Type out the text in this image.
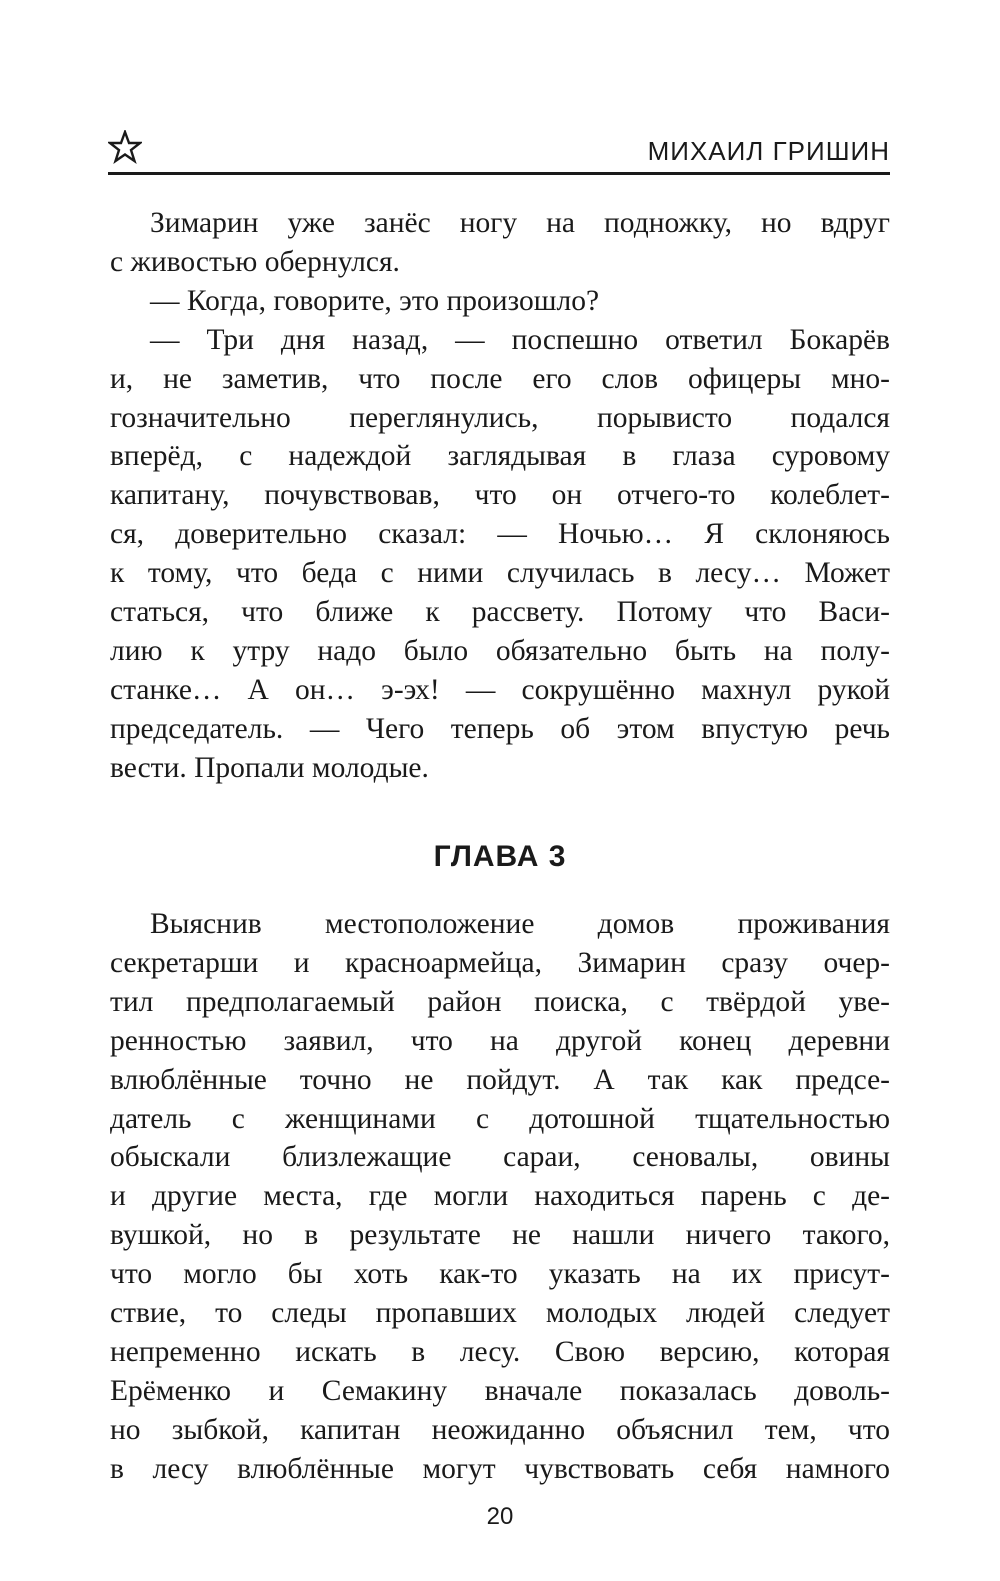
МИХАИЛ ГРИШИН
Зимарин уже занёс ногу на подножку, но вдруг
с живостью обернулся.
— Когда, говорите, это произошло?
— Три дня назад, — поспешно ответил Бокарёв
и, не заметив, что после его слов офицеры мно-
гозначительно переглянулись, порывисто подался
вперёд, с надеждой заглядывая в глаза суровому
капитану, почувствовав, что он отчего-то колеблет-
ся, доверительно сказал: — Ночью… Я склоняюсь
к тому, что беда с ними случилась в лесу… Может
статься, что ближе к рассвету. Потому что Васи-
лию к утру надо было обязательно быть на полу-
станке… А он… э-эх! — сокрушённо махнул рукой
председатель. — Чего теперь об этом впустую речь
вести. Пропали молодые.
ГЛАВА 3
Выяснив местоположение домов проживания
секретарши и красноармейца, Зимарин сразу очер-
тил предполагаемый район поиска, с твёрдой уве-
ренностью заявил, что на другой конец деревни
влюблённые точно не пойдут. А так как предсе-
датель с женщинами с дотошной тщательностью
обыскали близлежащие сараи, сеновалы, овины
и другие места, где могли находиться парень с де-
вушкой, но в результате не нашли ничего такого,
что могло бы хоть как-то указать на их присут-
ствие, то следы пропавших молодых людей следует
непременно искать в лесу. Свою версию, которая
Ерёменко и Семакину вначале показалась доволь-
но зыбкой, капитан неожиданно объяснил тем, что
в лесу влюблённые могут чувствовать себя намного
20
